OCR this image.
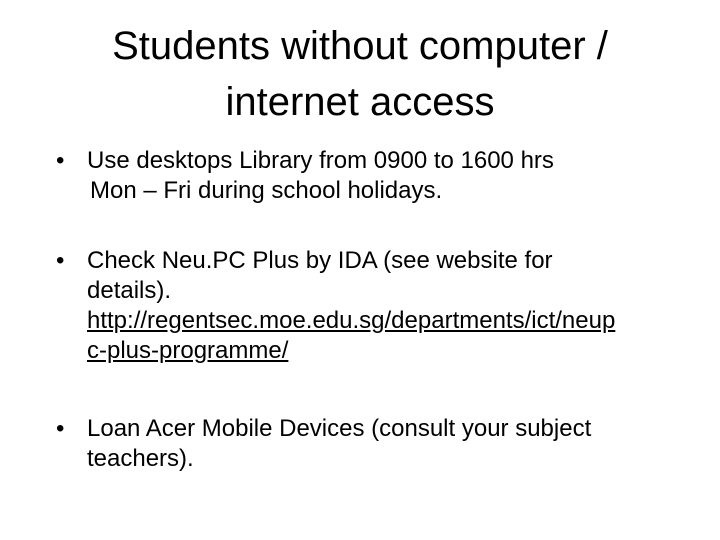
Students without computer /
internet access
• Use desktops Library from 0900 to 1600 hrs
Mon – Fri during school holidays.
• Check Neu.PC Plus by IDA (see website for
details).
http://regentsec.moe.edu.sg/departments/ict/neup
c-plus-programme/
• Loan Acer Mobile Devices (consult your subject
teachers).
